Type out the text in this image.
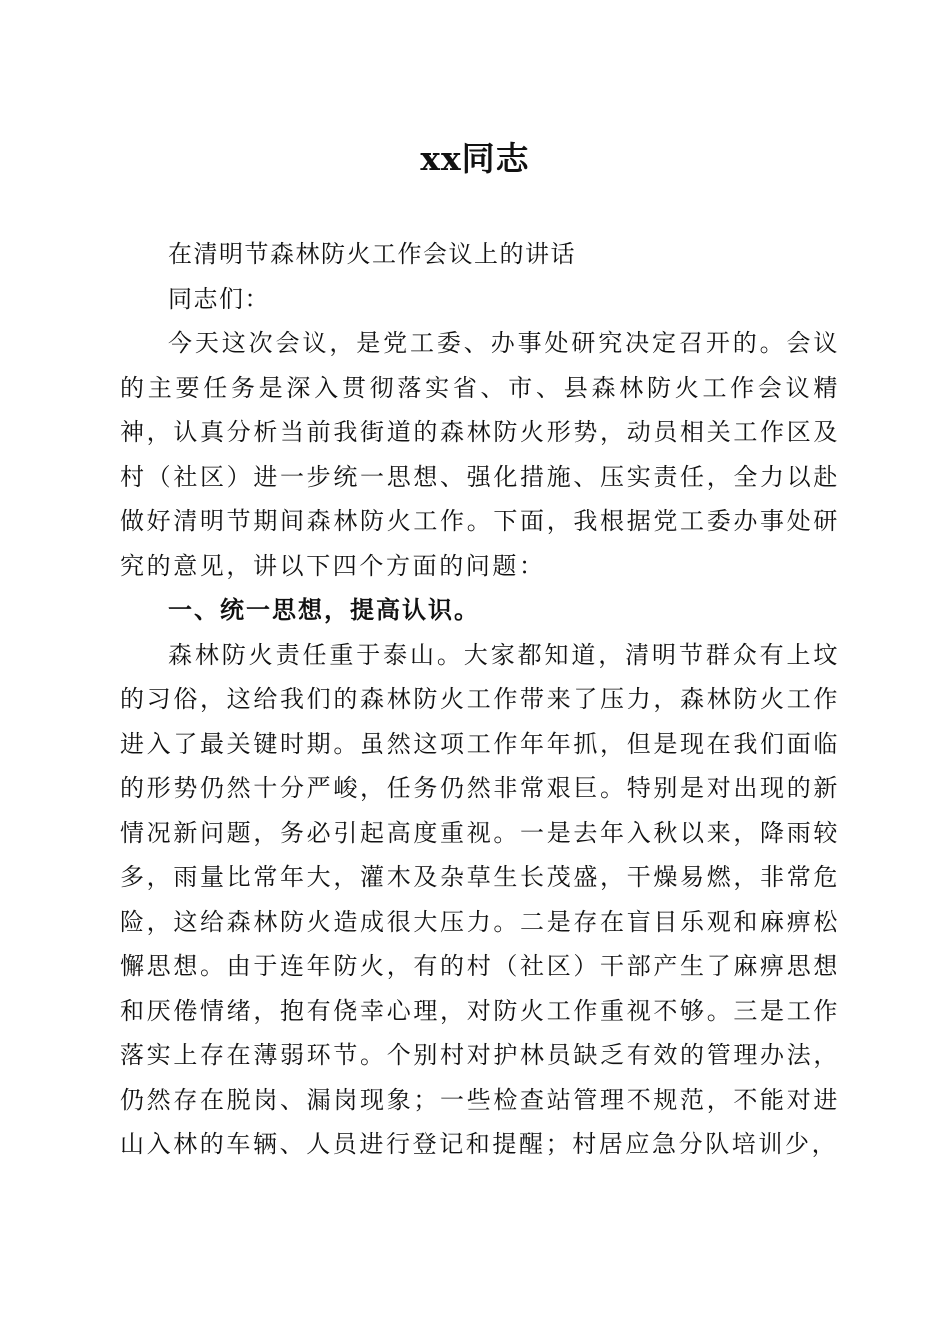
xx同志

在清明节森林防火工作会议上的讲话

同志们：

今天这次会议，是党工委、办事处研究决定召开的。会议的主要任务是深入贯彻落实省、市、县森林防火工作会议精神，认真分析当前我街道的森林防火形势，动员相关工作区及村（社区）进一步统一思想、强化措施、压实责任，全力以赴做好清明节期间森林防火工作。下面，我根据党工委办事处研究的意见，讲以下四个方面的问题：

一、统一思想，提高认识。

森林防火责任重于泰山。大家都知道，清明节群众有上坟的习俗，这给我们的森林防火工作带来了压力，森林防火工作进入了最关键时期。虽然这项工作年年抓，但是现在我们面临的形势仍然十分严峻，任务仍然非常艰巨。特别是对出现的新情况新问题，务必引起高度重视。一是去年入秋以来，降雨较多，雨量比常年大，灌木及杂草生长茂盛，干燥易燃，非常危险，这给森林防火造成很大压力。二是存在盲目乐观和麻痹松懈思想。由于连年防火，有的村（社区）干部产生了麻痹思想和厌倦情绪，抱有侥幸心理，对防火工作重视不够。三是工作落实上存在薄弱环节。个别村对护林员缺乏有效的管理办法，仍然存在脱岗、漏岗现象；一些检查站管理不规范，不能对进山入林的车辆、人员进行登记和提醒；村居应急分队培训少，
